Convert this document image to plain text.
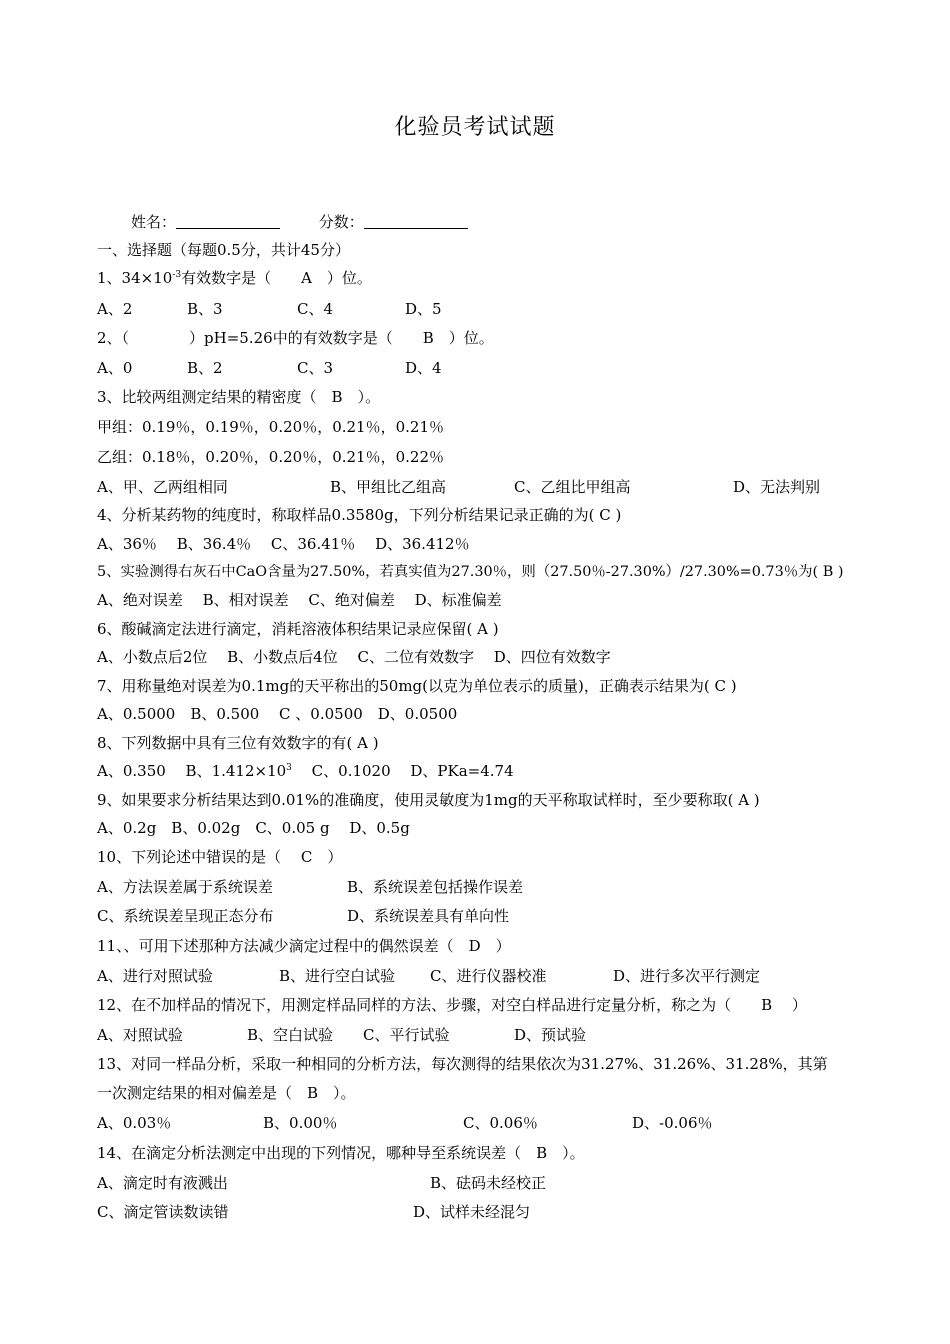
化验员考试试题
姓名：	分数：
一、选择题（每题0.5分，共计45分）
1、$34\times 10^{-3}$有效数字是（　　A　）位。
A、2	B、3	C、4	D、5
2、（　　　　）pH=5.26中的有效数字是（　　B　）位。
A、0	B、2	C、3	D、4
3、比较两组测定结果的精密度（　B　）。
甲组：0.19％，0.19％，0.20％，0.21％，0.21％
乙组：0.18％，0.20％，0.20％，0.21％，0.22％
A、甲、乙两组相同	B、甲组比乙组高	C、乙组比甲组高	D、无法判别
4、分析某药物的纯度时，称取样品0.3580g，下列分析结果记录正确的为( C )
A、36％　 B、36.4％　 C、36.41％　 D、36.412％
5、实验测得右灰石中CaO含量为27.50%，若真实值为27.30％，则（27.50％-27.30%）/27.30%=0.73％为( B )
A、绝对误差　 B、相对误差　 C、绝对偏差　 D、标准偏差
6、酸碱滴定法进行滴定，消耗溶液体积结果记录应保留( A )
A、小数点后2位　 B、小数点后4位　 C、二位有效数字　 D、四位有效数字
7、用称量绝对误差为0.1mg的天平称出的50mg(以克为单位表示的质量)，正确表示结果为( C )
A、0.5000　B、0.500　 C 、0.0500　D、0.0500
8、下列数据中具有三位有效数字的有( A )
A、0.350　 B、$1.412\times 10^3$　 C、0.1020　 D、PKa=4.74
9、如果要求分析结果达到0.01%的准确度，使用灵敏度为1mg的天平称取试样时，至少要称取( A )
A、0.2g　B、0.02g　C、0.05 g　 D、0.5g
10、下列论述中错误的是（　 C　）
A、方法误差属于系统误差	B、系统误差包括操作误差
C、系统误差呈现正态分布	D、系统误差具有单向性
11、、可用下述那种方法减少滴定过程中的偶然误差（　D　）
A、进行对照试验	B、进行空白试验 C、进行仪器校准	D、进行多次平行测定
12、在不加样品的情况下，用测定样品同样的方法、步骤，对空白样品进行定量分析，称之为（　　B　 ）
A、对照试验	B、空白试验 C、平行试验	D、预试验
13、对同一样品分析，采取一种相同的分析方法，每次测得的结果依次为31.27%、31.26%、31.28%，其第
一次测定结果的相对偏差是（　B　）。
A、0.03％	B、0.00％	C、0.06％	D、-0.06％
14、在滴定分析法测定中出现的下列情况，哪种导至系统误差（　B　）。
A、滴定时有液溅出	B、砝码未经校正
C、滴定管读数读错	D、试样未经混匀
